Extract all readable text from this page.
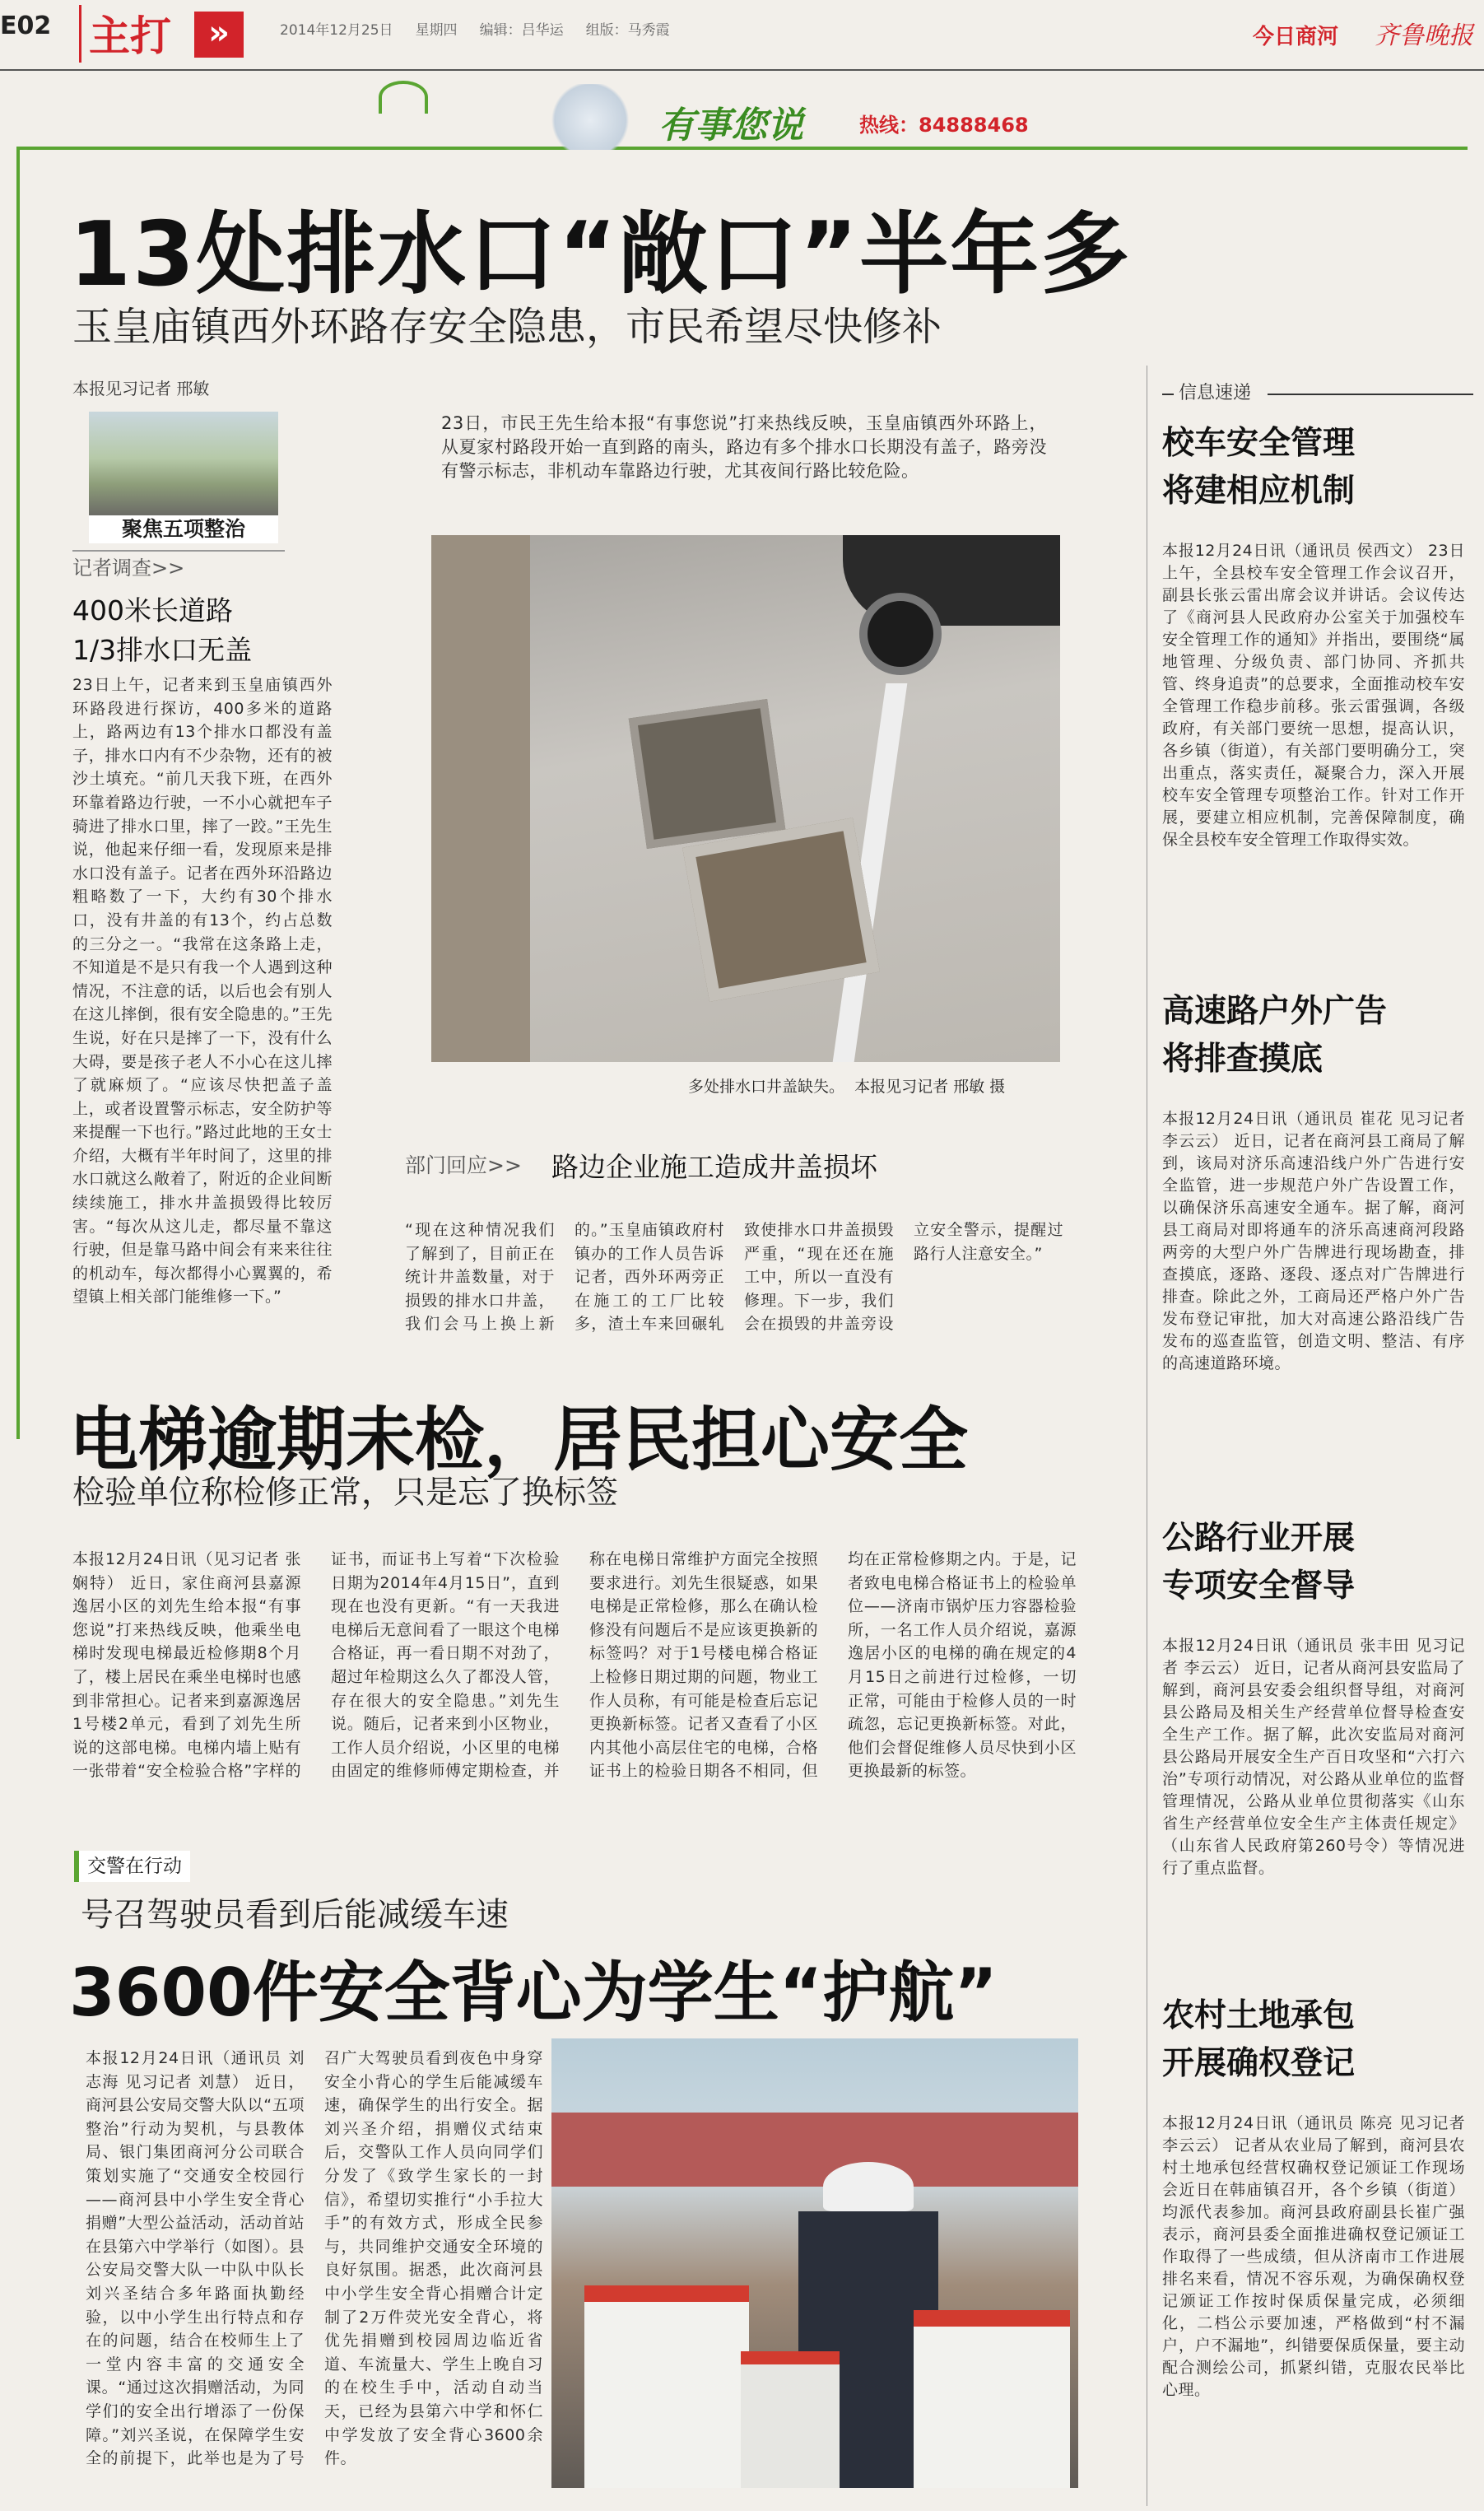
E02 主打	»	2014年12月25日 星期四 编辑：吕华运 组版：马秀霞	今日商河 齐鲁晚报
有事您说	热线：84888468
13处排水口“敞口”半年多
玉皇庙镇西外环路存安全隐患，市民希望尽快修补
本报见习记者 邢敏
聚焦五项整治
记者调查>>
400米长道路
1/3排水口无盖
23日上午，记者来到玉皇庙镇西外环路段进行探访，400多米的道路上，路两边有13个排水口都没有盖子，排水口内有不少杂物，还有的被沙土填充。“前几天我下班，在西外环靠着路边行驶，一不小心就把车子骑进了排水口里，摔了一跤。”王先生说，他起来仔细一看，发现原来是排水口没有盖子。记者在西外环沿路边粗略数了一下，大约有30个排水口，没有井盖的有13个，约占总数的三分之一。“我常在这条路上走，不知道是不是只有我一个人遇到这种情况，不注意的话，以后也会有别人在这儿摔倒，很有安全隐患的。”王先生说，好在只是摔了一下，没有什么大碍，要是孩子老人不小心在这儿摔了就麻烦了。“应该尽快把盖子盖上，或者设置警示标志，安全防护等来提醒一下也行。”路过此地的王女士介绍，大概有半年时间了，这里的排水口就这么敞着了，附近的企业间断续续施工，排水井盖损毁得比较厉害。“每次从这儿走，都尽量不靠这行驶，但是靠马路中间会有来来往往的机动车，每次都得小心翼翼的，希望镇上相关部门能维修一下。”
23日，市民王先生给本报“有事您说”打来热线反映，玉皇庙镇西外环路上，从夏家村路段开始一直到路的南头，路边有多个排水口长期没有盖子，路旁没有警示标志，非机动车靠路边行驶，尤其夜间行路比较危险。
多处排水口井盖缺失。  本报见习记者 邢敏 摄
部门回应>> 路边企业施工造成井盖损坏
“现在这种情况我们了解到了，目前正在统计井盖数量，对于损毁的排水口井盖，我们会马上换上新的。”玉皇庙镇政府村镇办的工作人员告诉记者，西外环两旁正在施工的工厂比较多，渣土车来回碾轧致使排水口井盖损毁严重，“现在还在施工中，所以一直没有修理。下一步，我们会在损毁的井盖旁设立安全警示，提醒过路行人注意安全。”
电梯逾期未检，居民担心安全
检验单位称检修正常，只是忘了换标签
本报12月24日讯（见习记者 张娴特） 近日，家住商河县嘉源逸居小区的刘先生给本报“有事您说”打来热线反映，他乘坐电梯时发现电梯最近检修期8个月了，楼上居民在乘坐电梯时也感到非常担心。记者来到嘉源逸居1号楼2单元，看到了刘先生所说的这部电梯。电梯内墙上贴有一张带着“安全检验合格”字样的证书，而证书上写着“下次检验日期为2014年4月15日”，直到现在也没有更新。“有一天我进电梯后无意间看了一眼这个电梯合格证，再一看日期不对劲了，超过年检期这么久了都没人管，存在很大的安全隐患。”刘先生说。随后，记者来到小区物业，工作人员介绍说，小区里的电梯由固定的维修师傅定期检查，并称在电梯日常维护方面完全按照要求进行。刘先生很疑惑，如果电梯是正常检修，那么在确认检修没有问题后不是应该更换新的标签吗？对于1号楼电梯合格证上检修日期过期的问题，物业工作人员称，有可能是检查后忘记更换新标签。记者又查看了小区内其他小高层住宅的电梯，合格证书上的检验日期各不相同，但均在正常检修期之内。于是，记者致电电梯合格证书上的检验单位——济南市锅炉压力容器检验所，一名工作人员介绍说，嘉源逸居小区的电梯的确在规定的4月15日之前进行过检修，一切正常，可能由于检修人员的一时疏忽，忘记更换新标签。对此，他们会督促维修人员尽快到小区更换最新的标签。
交警在行动
号召驾驶员看到后能减缓车速
3600件安全背心为学生“护航”
本报12月24日讯（通讯员 刘志海 见习记者 刘慧） 近日，商河县公安局交警大队以“五项整治”行动为契机，与县教体局、银门集团商河分公司联合策划实施了“交通安全校园行——商河县中小学生安全背心捐赠”大型公益活动，活动首站在县第六中学举行（如图）。县公安局交警大队一中队中队长刘兴圣结合多年路面执勤经验，以中小学生出行特点和存在的问题，结合在校师生上了一堂内容丰富的交通安全课。“通过这次捐赠活动，为同学们的安全出行增添了一份保障。”刘兴圣说，在保障学生安全的前提下，此举也是为了号召广大驾驶员看到夜色中身穿安全小背心的学生后能减缓车速，确保学生的出行安全。据刘兴圣介绍，捐赠仪式结束后，交警队工作人员向同学们分发了《致学生家长的一封信》，希望切实推行“小手拉大手”的有效方式，形成全民参与，共同维护交通安全环境的良好氛围。据悉，此次商河县中小学生安全背心捐赠合计定制了2万件荧光安全背心，将优先捐赠到校园周边临近省道、车流量大、学生上晚自习的在校生手中，活动自动当天，已经为县第六中学和怀仁中学发放了安全背心3600余件。
信息速递
校车安全管理
将建相应机制
本报12月24日讯（通讯员 侯西文） 23日上午，全县校车安全管理工作会议召开，副县长张云雷出席会议并讲话。会议传达了《商河县人民政府办公室关于加强校车安全管理工作的通知》并指出，要围绕“属地管理、分级负责、部门协同、齐抓共管、终身追责”的总要求，全面推动校车安全管理工作稳步前移。张云雷强调，各级政府，有关部门要统一思想，提高认识，各乡镇（街道），有关部门要明确分工，突出重点，落实责任，凝聚合力，深入开展校车安全管理专项整治工作。针对工作开展，要建立相应机制，完善保障制度，确保全县校车安全管理工作取得实效。
高速路户外广告
将排查摸底
本报12月24日讯（通讯员 崔花 见习记者 李云云） 近日，记者在商河县工商局了解到，该局对济乐高速沿线户外广告进行安全监管，进一步规范户外广告设置工作，以确保济乐高速安全通车。据了解，商河县工商局对即将通车的济乐高速商河段路两旁的大型户外广告牌进行现场勘查，排查摸底，逐路、逐段、逐点对广告牌进行排查。除此之外，工商局还严格户外广告发布登记审批，加大对高速公路沿线广告发布的巡查监管，创造文明、整洁、有序的高速道路环境。
公路行业开展
专项安全督导
本报12月24日讯（通讯员 张丰田 见习记者 李云云） 近日，记者从商河县安监局了解到，商河县安委会组织督导组，对商河县公路局及相关生产经营单位督导检查安全生产工作。据了解，此次安监局对商河县公路局开展安全生产百日攻坚和“六打六治”专项行动情况，对公路从业单位的监督管理情况，公路从业单位贯彻落实《山东省生产经营单位安全生产主体责任规定》（山东省人民政府第260号令）等情况进行了重点监督。
农村土地承包
开展确权登记
本报12月24日讯（通讯员 陈亮 见习记者 李云云） 记者从农业局了解到，商河县农村土地承包经营权确权登记颁证工作现场会近日在韩庙镇召开，各个乡镇（街道）均派代表参加。商河县政府副县长崔广强表示，商河县委全面推进确权登记颁证工作取得了一些成绩，但从济南市工作进展排名来看，情况不容乐观，为确保确权登记颁证工作按时保质保量完成，必须细化，二档公示要加速，严格做到“村不漏户，户不漏地”，纠错要保质保量，要主动配合测绘公司，抓紧纠错，克服农民举比心理。
